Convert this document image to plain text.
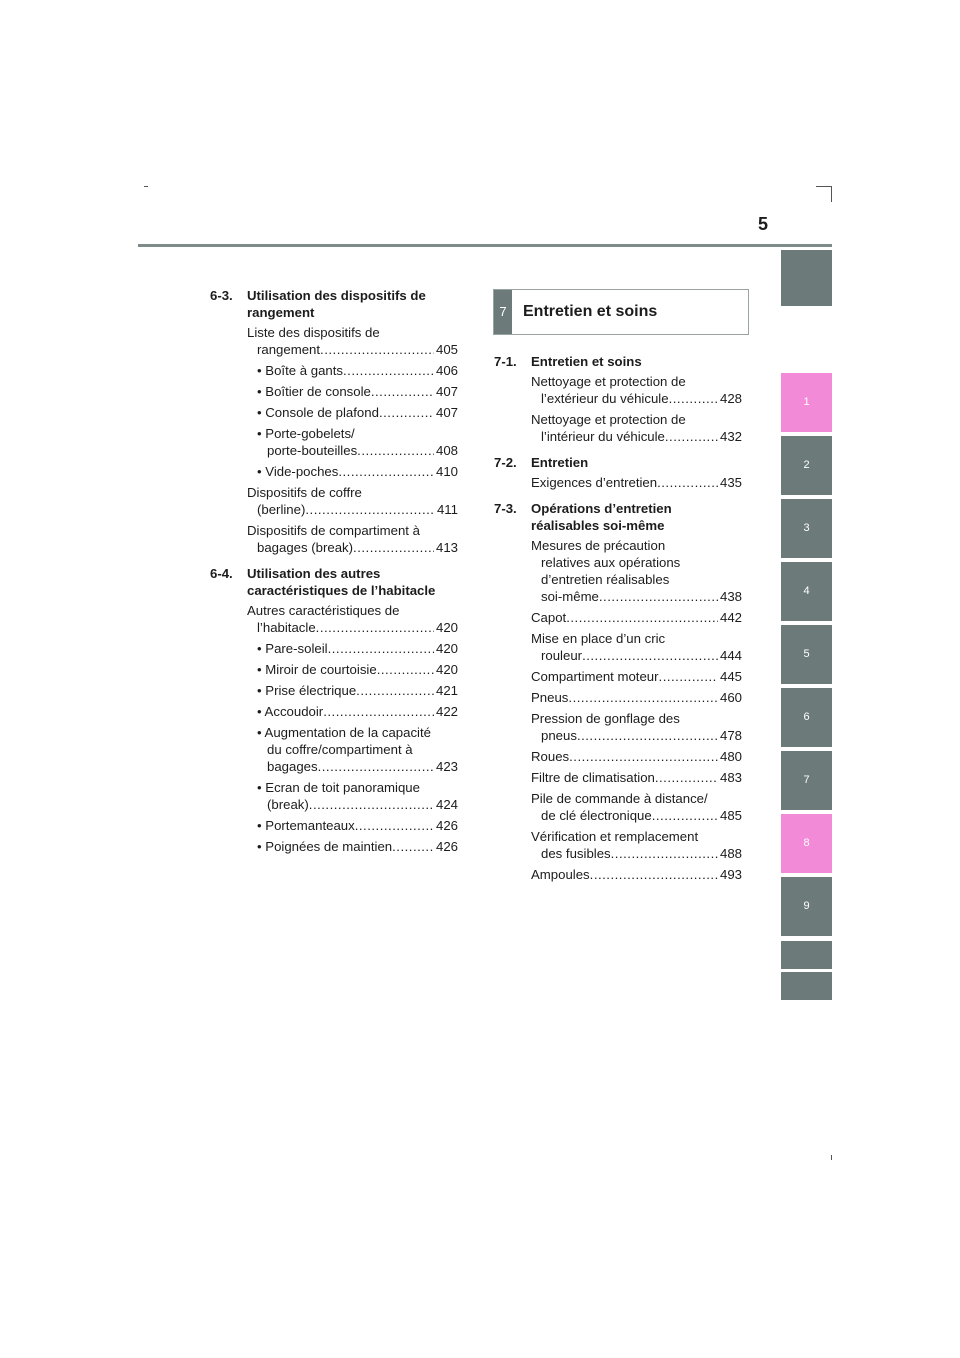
5
6-3. Utilisation des dispositifs de
rangement
Liste des dispositifs de
rangement .....	405
• Boîte à gants .....	406
• Boîtier de console .....	407
• Console de plafond .....	407
• Porte-gobelets/
porte-bouteilles .....	408
• Vide-poches .....	410
Dispositifs de coffre
(berline) .....	411
Dispositifs de compartiment à
bagages (break) .....	413
6-4. Utilisation des autres
caractéristiques de l’habitacle
Autres caractéristiques de
l’habitacle .....	420
• Pare-soleil .....	420
• Miroir de courtoisie .....	420
• Prise électrique .....	421
• Accoudoir .....	422
• Augmentation de la capacité
du coffre/compartiment à
bagages .....	423
• Ecran de toit panoramique
(break) .....	424
• Portemanteaux .....	426
• Poignées de maintien .....	426
7	Entretien et soins
7-1. Entretien et soins
Nettoyage et protection de
l’extérieur du véhicule .....	428
Nettoyage et protection de
l’intérieur du véhicule .....	432
7-2. Entretien
Exigences d’entretien .....	435
7-3. Opérations d’entretien
réalisables soi-même
Mesures de précaution
relatives aux opérations
d’entretien réalisables
soi-même .....	438
Capot .....	442
Mise en place d’un cric
rouleur .....	444
Compartiment moteur .....	445
Pneus .....	460
Pression de gonflage des
pneus .....	478
Roues .....	480
Filtre de climatisation .....	483
Pile de commande à distance/
de clé électronique .....	485
Vérification et remplacement
des fusibles .....	488
Ampoules .....	493
1
2
3
4
5
6
7
8
9
